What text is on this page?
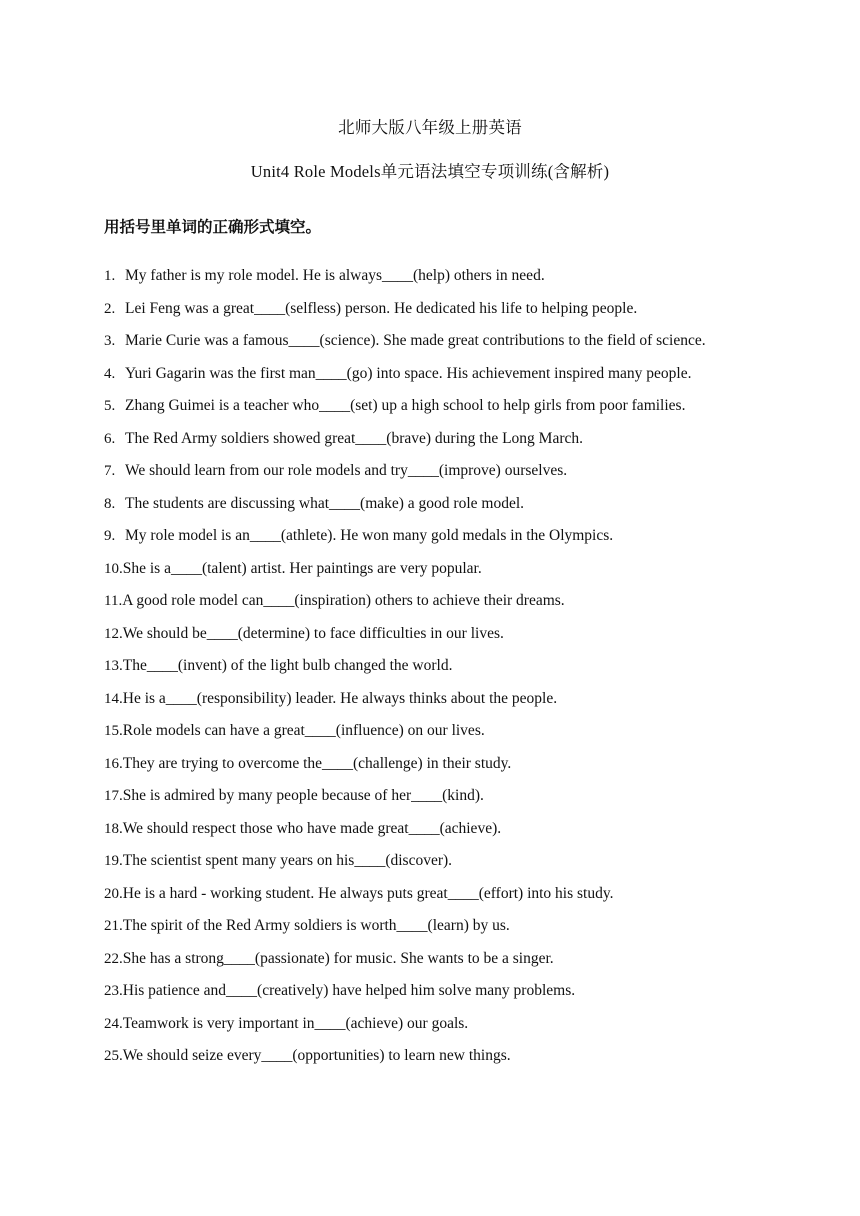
北师大版八年级上册英语
Unit4 Role Models单元语法填空专项训练(含解析)
用括号里单词的正确形式填空。
1. My father is my role model. He is always____(help) others in need.
2. Lei Feng was a great____(selfless) person. He dedicated his life to helping people.
3. Marie Curie was a famous____(science). She made great contributions to the field of science.
4. Yuri Gagarin was the first man____(go) into space. His achievement inspired many people.
5. Zhang Guimei is a teacher who____(set) up a high school to help girls from poor families.
6. The Red Army soldiers showed great____(brave) during the Long March.
7. We should learn from our role models and try____(improve) ourselves.
8. The students are discussing what____(make) a good role model.
9. My role model is an____(athlete). He won many gold medals in the Olympics.
10.She is a____(talent) artist. Her paintings are very popular.
11.A good role model can____(inspiration) others to achieve their dreams.
12.We should be____(determine) to face difficulties in our lives.
13.The____(invent) of the light bulb changed the world.
14.He is a____(responsibility) leader. He always thinks about the people.
15.Role models can have a great____(influence) on our lives.
16.They are trying to overcome the____(challenge) in their study.
17.She is admired by many people because of her____(kind).
18.We should respect those who have made great____(achieve).
19.The scientist spent many years on his____(discover).
20.He is a hard - working student. He always puts great____(effort) into his study.
21.The spirit of the Red Army soldiers is worth____(learn) by us.
22.She has a strong____(passionate) for music. She wants to be a singer.
23.His patience and____(creatively) have helped him solve many problems.
24.Teamwork is very important in____(achieve) our goals.
25.We should seize every____(opportunities) to learn new things.
